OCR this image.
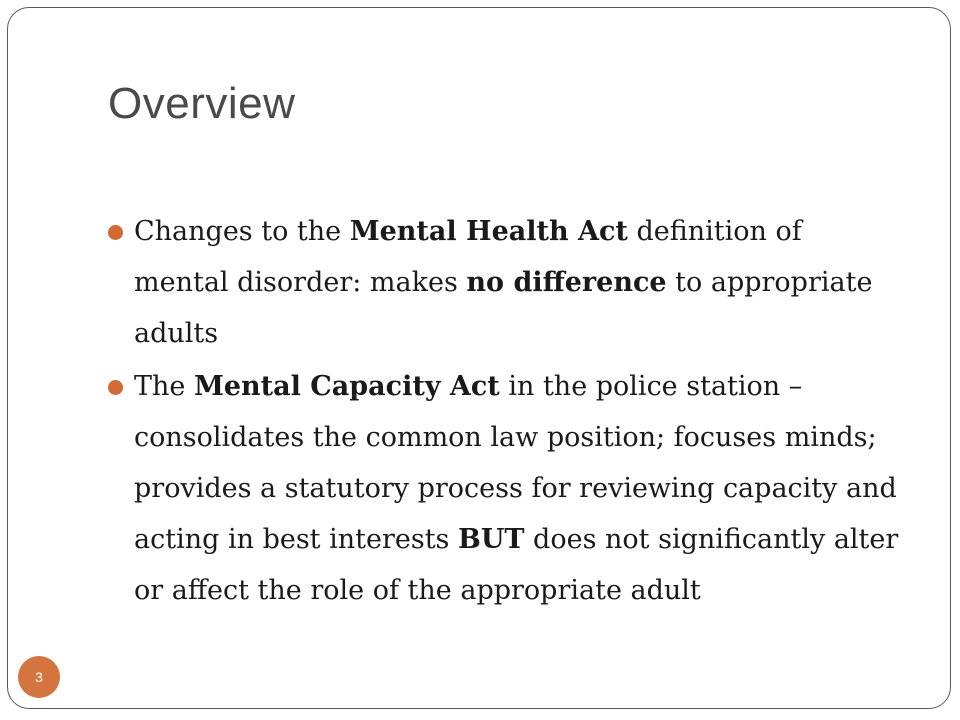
Overview
Changes to the Mental Health Act definition of mental disorder: makes no difference to appropriate adults
The Mental Capacity Act in the police station – consolidates the common law position; focuses minds; provides a statutory process for reviewing capacity and acting in best interests BUT does not significantly alter or affect the role of the appropriate adult
3
